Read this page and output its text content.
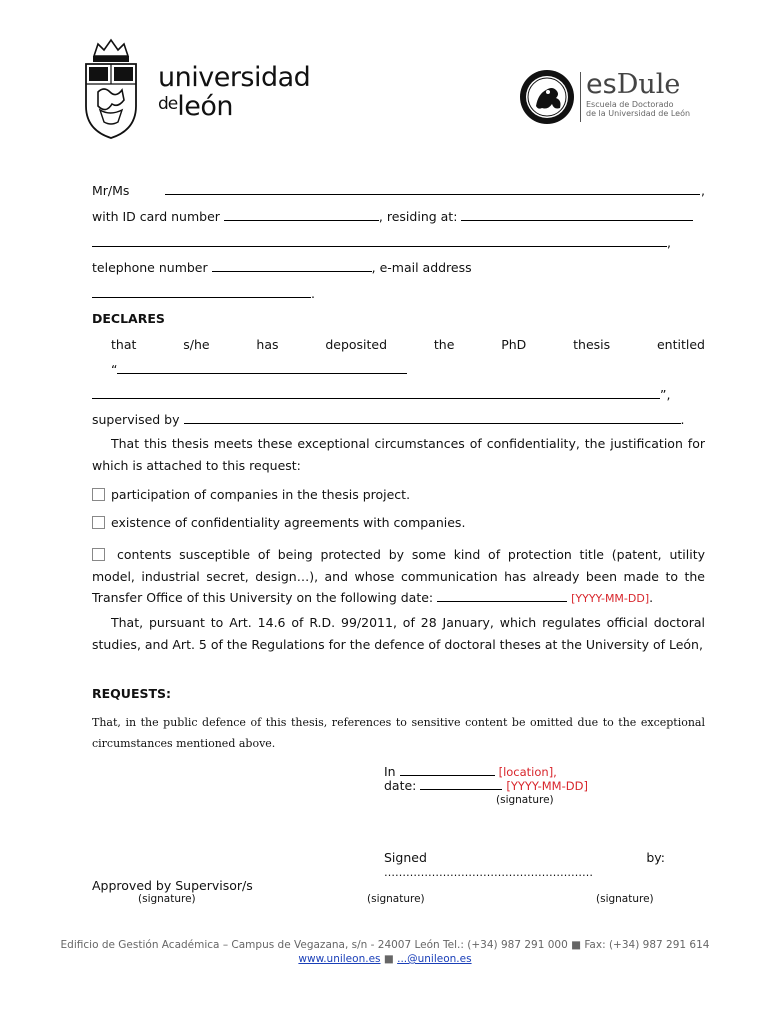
universidad
deleón
esDule
Escuela de Doctorado
de la Universidad de León
Mr/Ms	,
with ID card number	, residing at:
,
telephone number	, e-mail address
.
DECLARES
that	s/he	has	deposited	the	PhD	thesis	entitled
“
”,
supervised by	.
That this thesis meets these exceptional circumstances of confidentiality, the justification for which is attached to this request:
participation of companies in the thesis project.
existence of confidentiality agreements with companies.
contents susceptible of being protected by some kind of protection title (patent, utility
model, industrial secret, design…), and whose communication has already been made to the
Transfer Office of this University on the following date:	[YYYY-MM-DD].
That, pursuant to Art. 14.6 of R.D. 99/2011, of 28 January, which regulates official doctoral studies, and Art. 5 of the Regulations for the defence of doctoral theses at the University of León,
REQUESTS:
That, in the public defence of this thesis, references to sensitive content be omitted due to the exceptional circumstances mentioned above.
In	[location],
date:	[YYYY-MM-DD]
(signature)
Signed	by:
…………………………………………………
Approved by Supervisor/s
(signature)	(signature)	(signature)
Edificio de Gestión Académica – Campus de Vegazana, s/n - 24007 León Tel.: (+34) 987 291 000 ■ Fax: (+34) 987 291 614
www.unileon.es ■ ...@unileon.es
